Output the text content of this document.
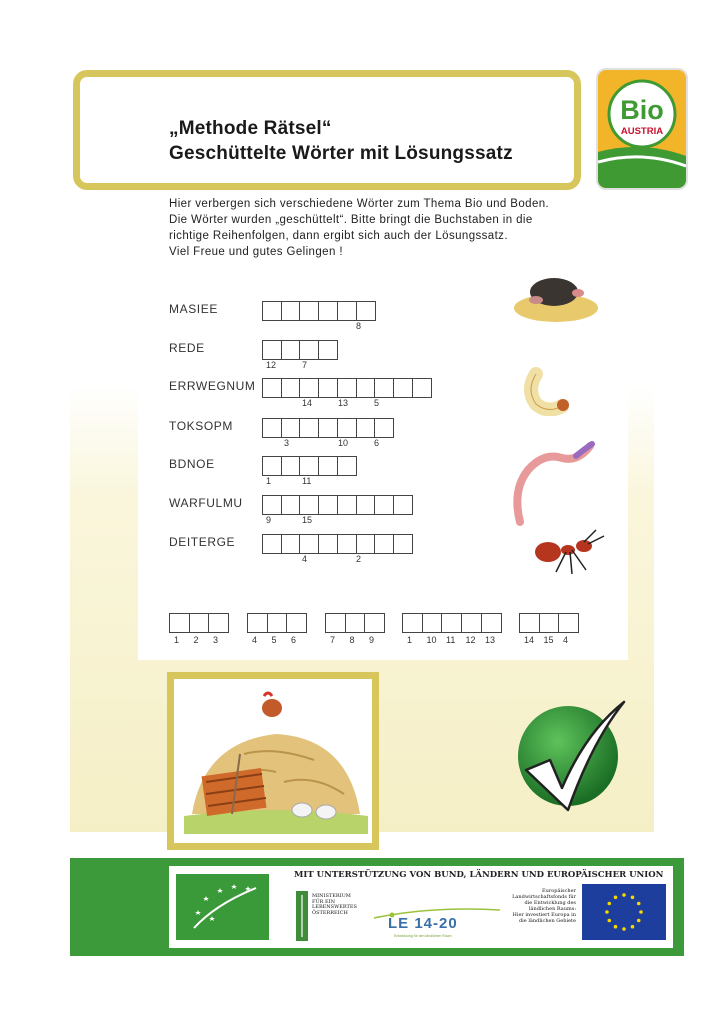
„Methode Rätsel“
Geschüttelte Wörter mit Lösungssatz
Bio
AUSTRIA
Hier verbergen sich verschiedene Wörter zum Thema Bio und Boden.
Die Wörter wurden „geschüttelt“. Bitte bringt die Buchstaben in die
richtige Reihenfolgen, dann ergibt sich auch der Lösungssatz.
Viel Freue und gutes Gelingen !
MASIEE
8
REDE
12	7
ERRWEGNUM
14	13	5
TOKSOPM
3	10	6
BDNOE
1	11
WARFULMU
9	15
DEITERGE
4	2
1 2 3	4 5 6	7 8 9	1 10 11 12 13	14 15 4
MIT UNTERSTÜTZUNG VON BUND, LÄNDERN UND EUROPÄISCHER UNION
MINISTERIUM
FÜR EIN
LEBENSWERTES
ÖSTERREICH
LE 14-20
Entwicklung für den ländlichen Raum
Europäischer
Landwirtschaftsfonds für
die Entwicklung des
ländlichen Raums:
Hier investiert Europa in
die ländlichen Gebiete
